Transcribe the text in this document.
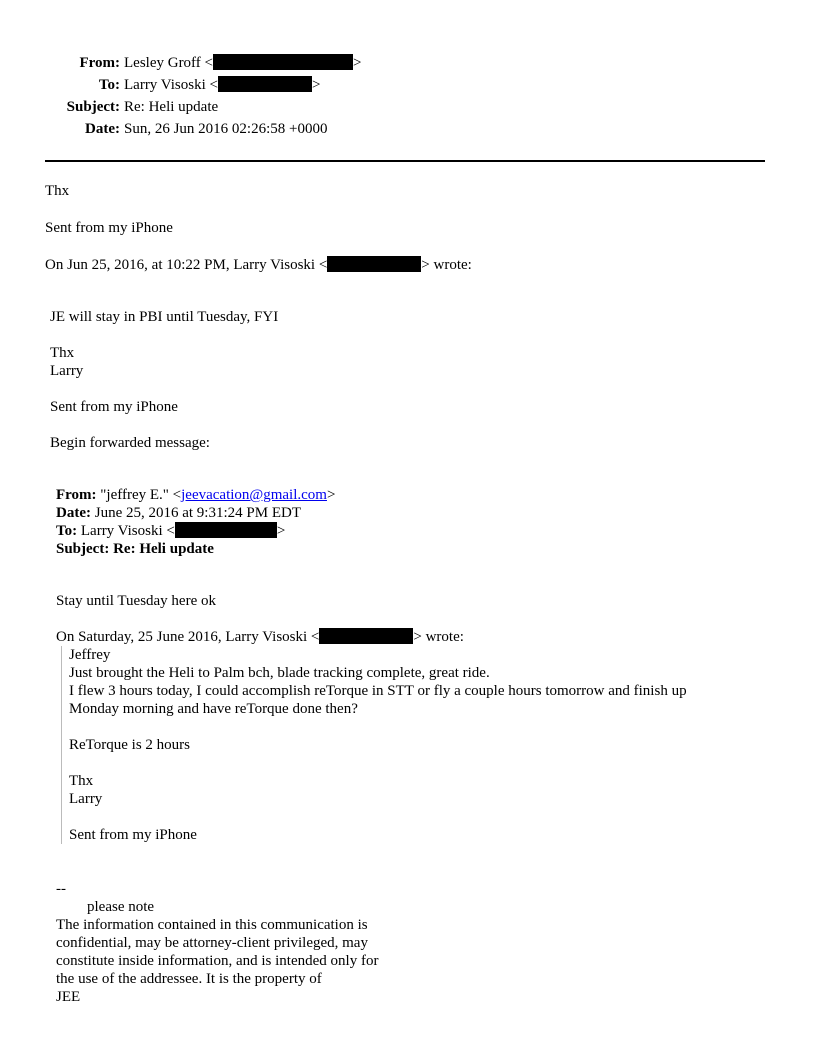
From: Lesley Groff <	>
To: Larry Visoski <	>
Subject: Re: Heli update
Date: Sun, 26 Jun 2016 02:26:58 +0000
Thx
Sent from my iPhone
On Jun 25, 2016, at 10:22 PM, Larry Visoski <	> wrote:
JE will stay in PBI until Tuesday, FYI
Thx
Larry
Sent from my iPhone
Begin forwarded message:
From: "jeffrey E." <jeevacation@gmail.com>
Date: June 25, 2016 at 9:31:24 PM EDT
To: Larry Visoski <	>
Subject: Re: Heli update
Stay until Tuesday here ok
On Saturday, 25 June 2016, Larry Visoski <	> wrote:
Jeffrey
Just brought the Heli to Palm bch, blade tracking complete, great ride.
I flew 3 hours today, I could accomplish reTorque in STT or fly a couple hours tomorrow and finish up
Monday morning and have reTorque done then?
ReTorque is 2 hours
Thx
Larry
Sent from my iPhone
--
please note
The information contained in this communication is
confidential, may be attorney-client privileged, may
constitute inside information, and is intended only for
the use of the addressee. It is the property of
JEE
